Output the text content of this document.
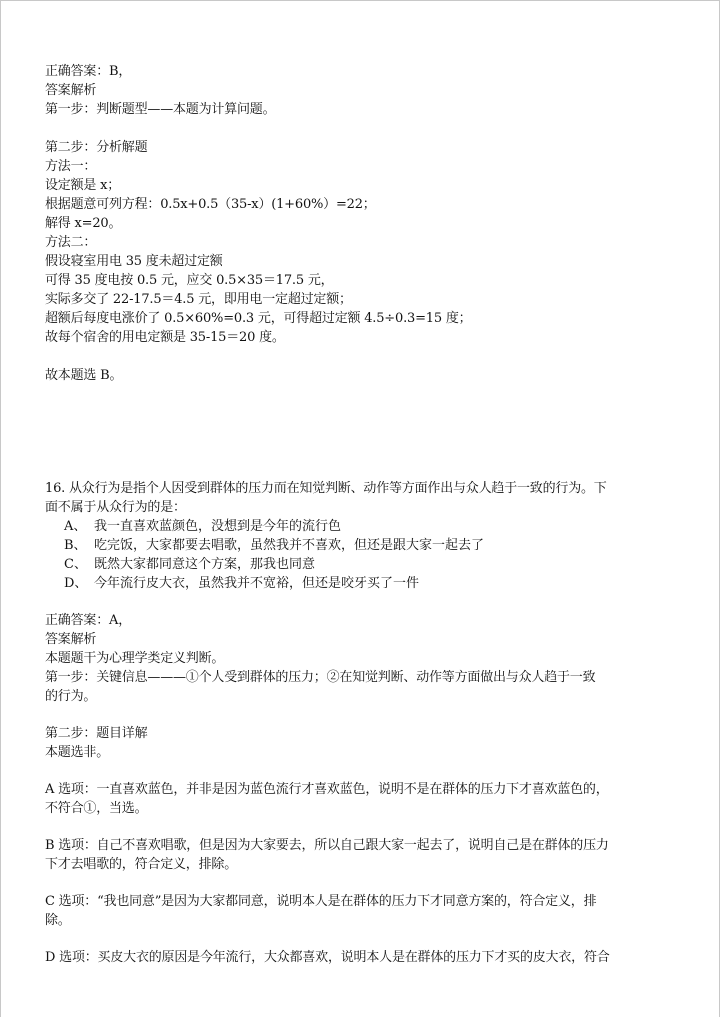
正确答案：B，
答案解析
第一步：判断题型——本题为计算问题。
第二步：分析解题
方法一：
设定额是 x；
根据题意可列方程：0.5x+0.5（35-x）(1+60%）=22；
解得 x=20。
方法二：
假设寝室用电 35 度未超过定额
可得 35 度电按 0.5 元，应交 0.5×35＝17.5 元，
实际多交了 22-17.5＝4.5 元，即用电一定超过定额；
超额后每度电涨价了 0.5×60%=0.3 元，可得超过定额 4.5÷0.3=15 度；
故每个宿舍的用电定额是 35-15＝20 度。
故本题选 B。
16. 从众行为是指个人因受到群体的压力而在知觉判断、动作等方面作出与众人趋于一致的行为。下
面不属于从众行为的是：
A、 我一直喜欢蓝颜色，没想到是今年的流行色
B、 吃完饭，大家都要去唱歌，虽然我并不喜欢，但还是跟大家一起去了
C、 既然大家都同意这个方案，那我也同意
D、 今年流行皮大衣，虽然我并不宽裕，但还是咬牙买了一件
正确答案：A，
答案解析
本题题干为心理学类定义判断。
第一步：关键信息———①个人受到群体的压力；②在知觉判断、动作等方面做出与众人趋于一致
的行为。
第二步：题目详解
本题选非。
A 选项：一直喜欢蓝色，并非是因为蓝色流行才喜欢蓝色，说明不是在群体的压力下才喜欢蓝色的，
不符合①，当选。
B 选项：自己不喜欢唱歌，但是因为大家要去，所以自己跟大家一起去了，说明自己是在群体的压力
下才去唱歌的，符合定义，排除。
C 选项：“我也同意”是因为大家都同意，说明本人是在群体的压力下才同意方案的，符合定义，排
除。
D 选项：买皮大衣的原因是今年流行，大众都喜欢，说明本人是在群体的压力下才买的皮大衣，符合
